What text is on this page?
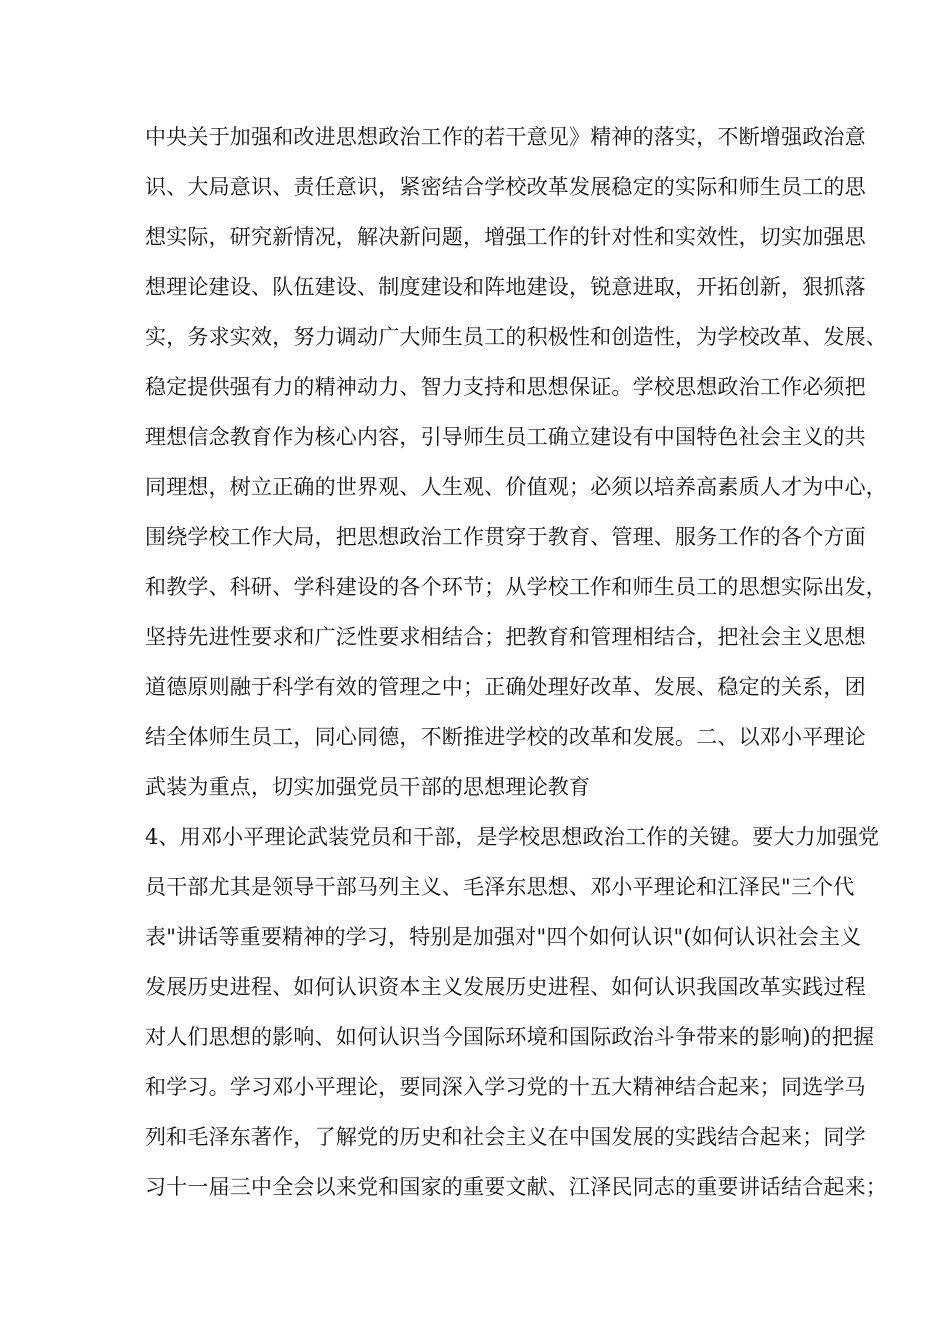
中央关于加强和改进思想政治工作的若干意见》精神的落实，不断增强政治意
识、大局意识、责任意识，紧密结合学校改革发展稳定的实际和师生员工的思
想实际，研究新情况，解决新问题，增强工作的针对性和实效性，切实加强思
想理论建设、队伍建设、制度建设和阵地建设，锐意进取，开拓创新，狠抓落
实，务求实效，努力调动广大师生员工的积极性和创造性，为学校改革、发展、
稳定提供强有力的精神动力、智力支持和思想保证。学校思想政治工作必须把
理想信念教育作为核心内容，引导师生员工确立建设有中国特色社会主义的共
同理想，树立正确的世界观、人生观、价值观；必须以培养高素质人才为中心，
围绕学校工作大局，把思想政治工作贯穿于教育、管理、服务工作的各个方面
和教学、科研、学科建设的各个环节；从学校工作和师生员工的思想实际出发，
坚持先进性要求和广泛性要求相结合；把教育和管理相结合，把社会主义思想
道德原则融于科学有效的管理之中；正确处理好改革、发展、稳定的关系，团
结全体师生员工，同心同德，不断推进学校的改革和发展。二、以邓小平理论
武装为重点，切实加强党员干部的思想理论教育
4、用邓小平理论武装党员和干部，是学校思想政治工作的关键。要大力加强党
员干部尤其是领导干部马列主义、毛泽东思想、邓小平理论和江泽民"三个代
表"讲话等重要精神的学习，特别是加强对"四个如何认识"(如何认识社会主义
发展历史进程、如何认识资本主义发展历史进程、如何认识我国改革实践过程
对人们思想的影响、如何认识当今国际环境和国际政治斗争带来的影响)的把握
和学习。学习邓小平理论，要同深入学习党的十五大精神结合起来；同选学马
列和毛泽东著作，了解党的历史和社会主义在中国发展的实践结合起来；同学
习十一届三中全会以来党和国家的重要文献、江泽民同志的重要讲话结合起来；
